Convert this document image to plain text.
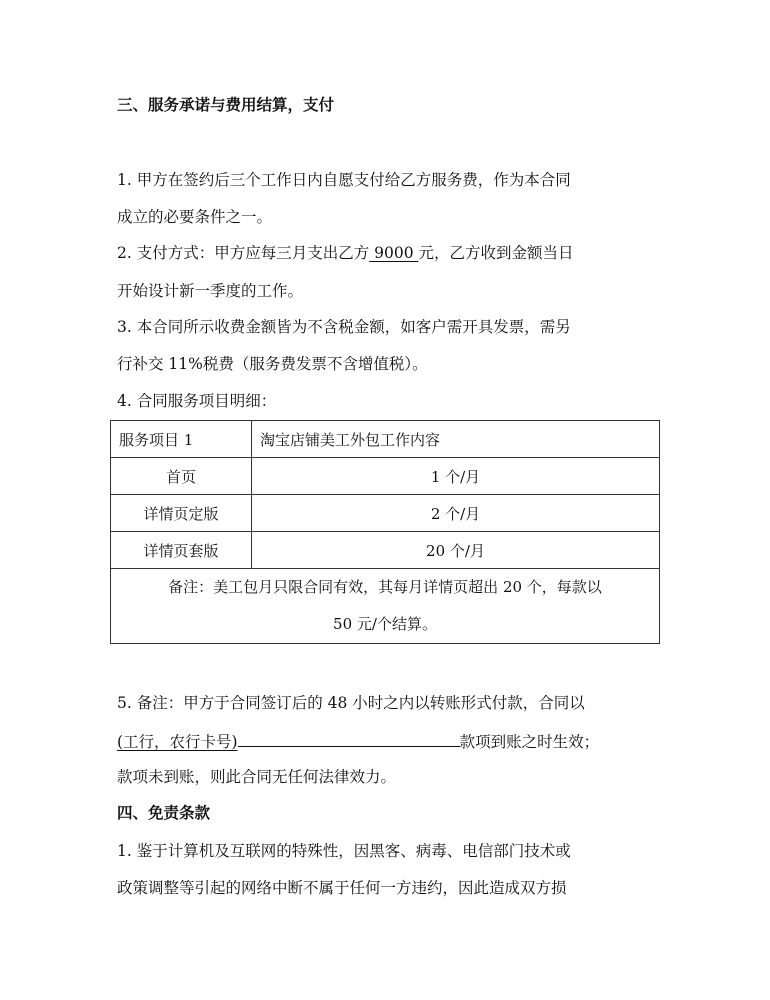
三、服务承诺与费用结算，支付
1. 甲方在签约后三个工作日内自愿支付给乙方服务费，作为本合同
成立的必要条件之一。
2. 支付方式：甲方应每三月支出乙方 9000 元，乙方收到金额当日
开始设计新一季度的工作。
3. 本合同所示收费金额皆为不含税金额，如客户需开具发票，需另
行补交 11%税费（服务费发票不含增值税）。
4. 合同服务项目明细：
服务项目 1	淘宝店铺美工外包工作内容
首页	1 个/月
详情页定版	2 个/月
详情页套版	20 个/月

备注：美工包月只限合同有效，其每月详情页超出 20 个，每款以
50 元/个结算。	
5. 备注：甲方于合同签订后的 48 小时之内以转账形式付款，合同以
(工行，农行卡号)	款项到账之时生效；
款项未到账，则此合同无任何法律效力。
四、免责条款
1. 鉴于计算机及互联网的特殊性，因黑客、病毒、电信部门技术或
政策调整等引起的网络中断不属于任何一方违约，因此造成双方损
